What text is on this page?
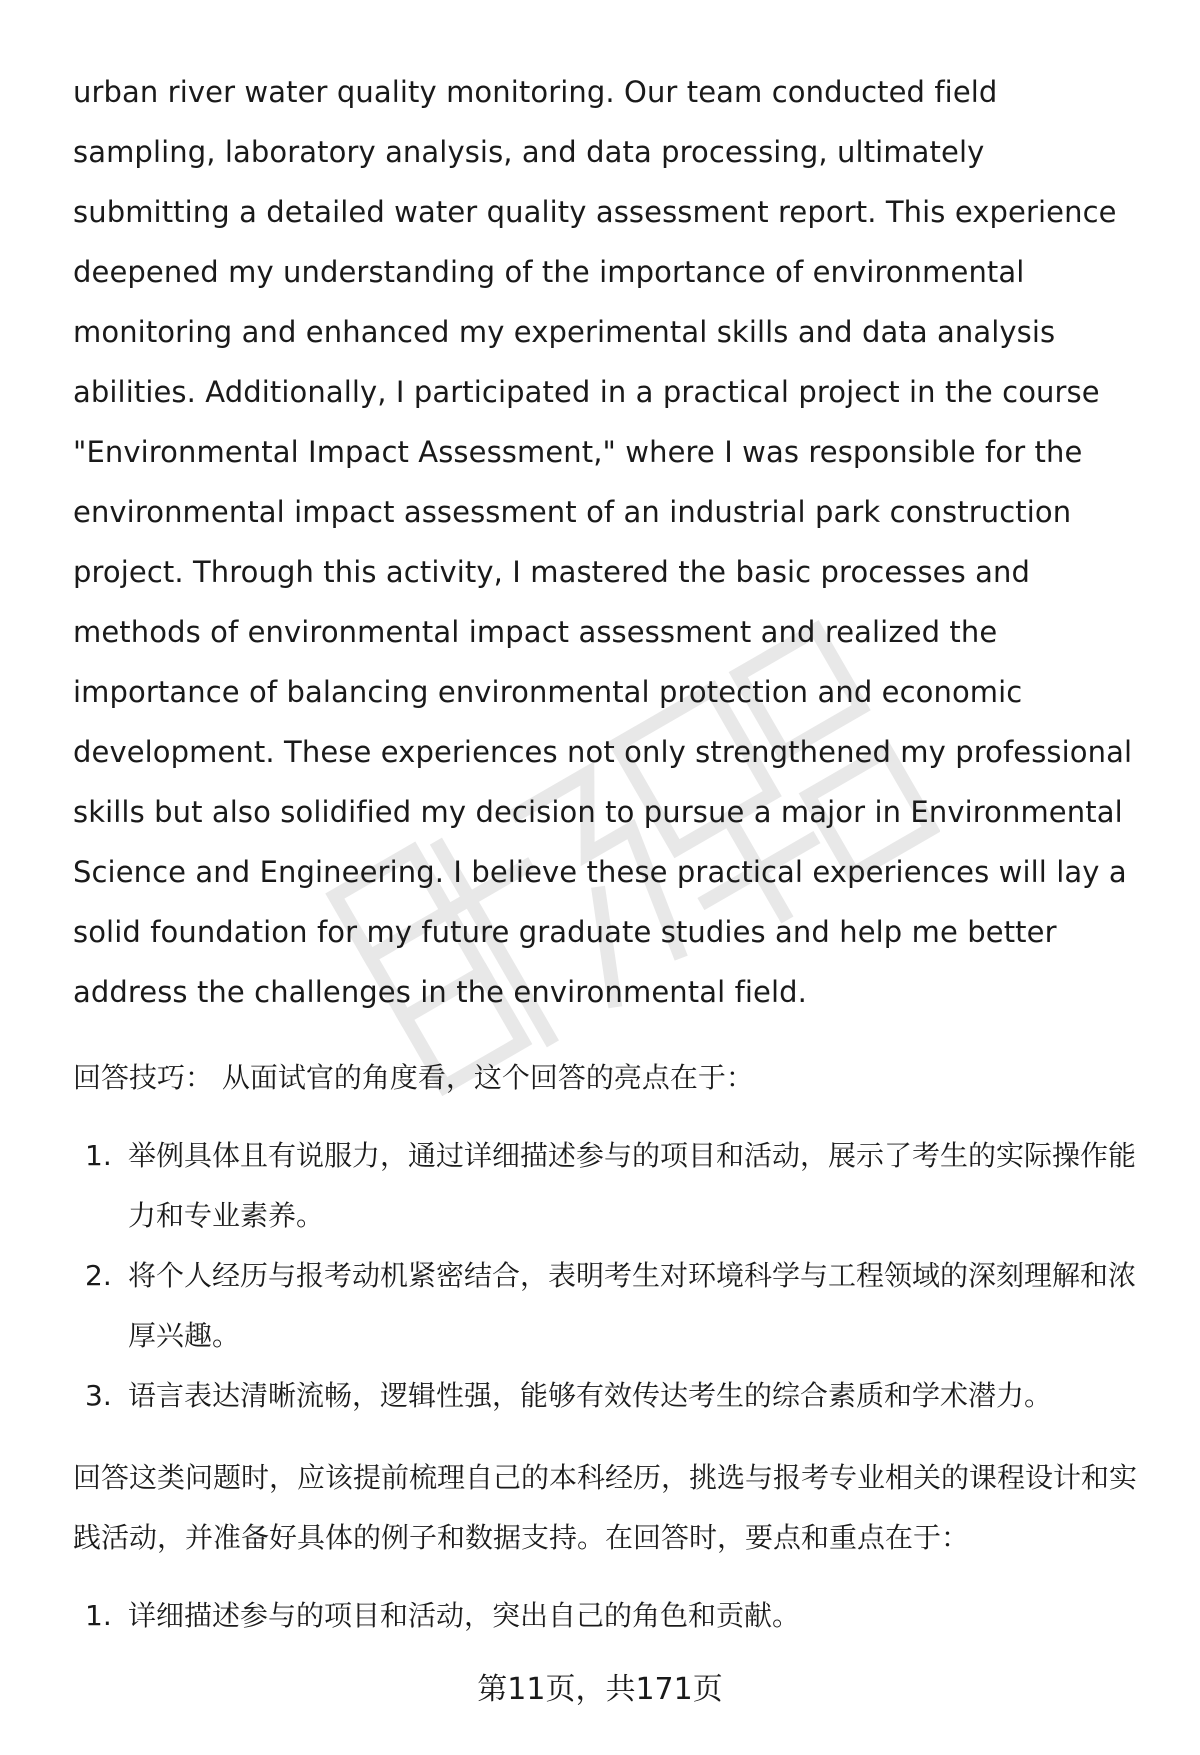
urban river water quality monitoring. Our team conducted field sampling, laboratory analysis, and data processing, ultimately submitting a detailed water quality assessment report. This experience deepened my understanding of the importance of environmental monitoring and enhanced my experimental skills and data analysis abilities. Additionally, I participated in a practical project in the course "Environmental Impact Assessment," where I was responsible for the environmental impact assessment of an industrial park construction project. Through this activity, I mastered the basic processes and methods of environmental impact assessment and realized the importance of balancing environmental protection and economic development. These experiences not only strengthened my professional skills but also solidified my decision to pursue a major in Environmental Science and Engineering. I believe these practical experiences will lay a solid foundation for my future graduate studies and help me better address the challenges in the environmental field.

回答技巧： 从面试官的角度看，这个回答的亮点在于：

1. 举例具体且有说服力，通过详细描述参与的项目和活动，展示了考生的实际操作能力和专业素养。
2. 将个人经历与报考动机紧密结合，表明考生对环境科学与工程领域的深刻理解和浓厚兴趣。
3. 语言表达清晰流畅，逻辑性强，能够有效传达考生的综合素质和学术潜力。

回答这类问题时，应该提前梳理自己的本科经历，挑选与报考专业相关的课程设计和实践活动，并准备好具体的例子和数据支持。在回答时，要点和重点在于：

1. 详细描述参与的项目和活动，突出自己的角色和贡献。
第11页，共171页
